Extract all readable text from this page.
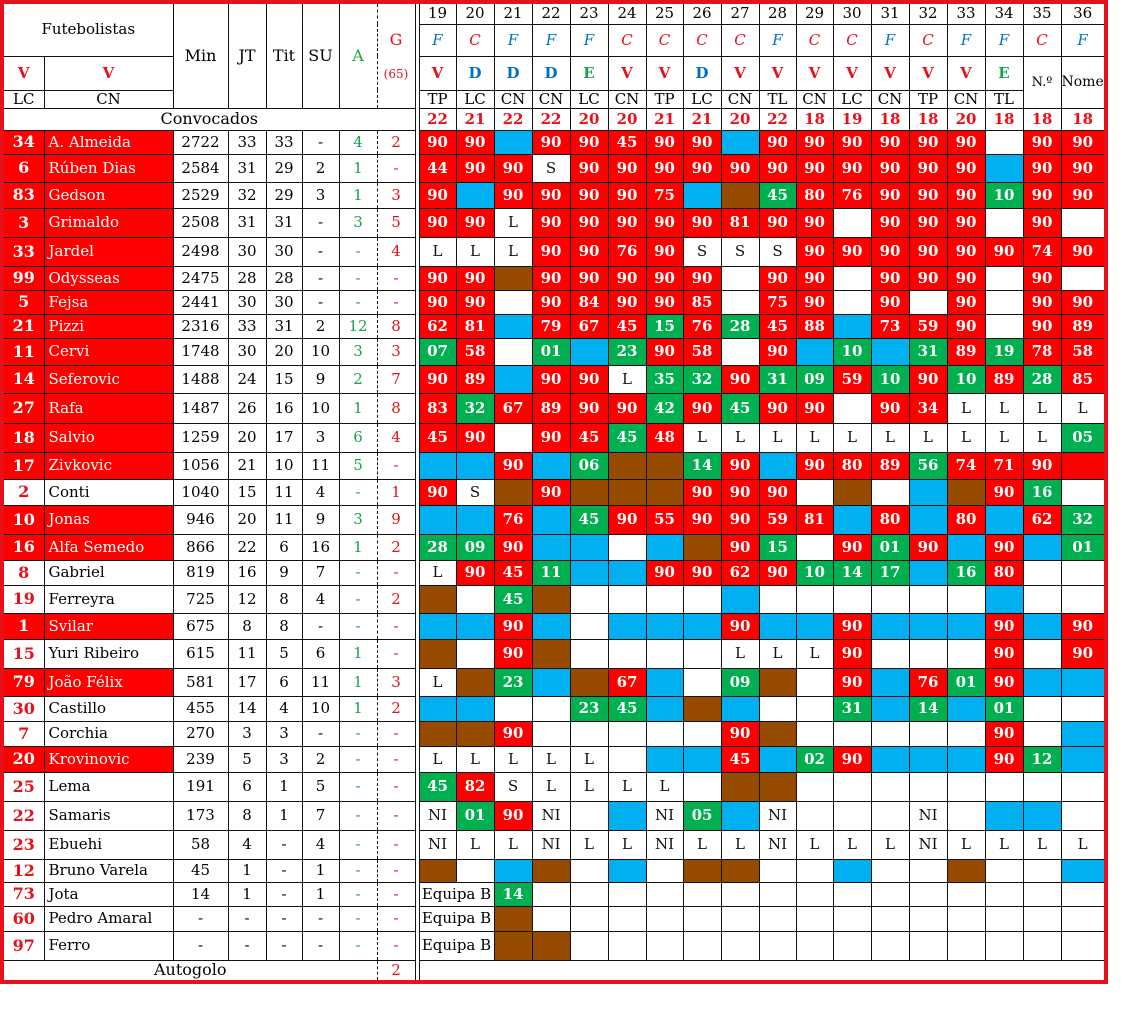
Futebolistas		Min	JT	Tit	SU	A	G
(65)		19	20	21	22	23	24	25	26	27	28	29	30	31	32	33	34	35	36
									F	C	F	F	F	C	C	C	C	F	C	C	F	C	F	F	C	F
V	V								V	D	D	D	E	V	V	D	V	V	V	V	V	V	V	E	N.º	Nome
LC	CN								TP	LC	CN	CN	LC	CN	TP	LC	CN	TL	CN	LC	CN	TP	CN	TL		
Convocados									22	21	22	22	20	20	21	21	20	22	18	19	18	18	20	18	18	18
34	A. Almeida	2722	33	33	-	4	2		90	90		90	90	45	90	90		90	90	90	90	90	90		90	90
6	Rúben Dias	2584	31	29	2	1	-		44	90	90	S	90	90	90	90	90	90	90	90	90	90	90		90	90
83	Gedson	2529	32	29	3	1	3		90		90	90	90	90	75			45	80	76	90	90	90	10	90	90
3	Grimaldo	2508	31	31	-	3	5		90	90	L	90	90	90	90	90	81	90	90		90	90	90		90	
33	Jardel	2498	30	30	-	-	4		L	L	L	90	90	76	90	S	S	S	90	90	90	90	90	90	74	90
99	Odysseas	2475	28	28	-	-	-		90	90		90	90	90	90	90		90	90		90	90	90		90	
5	Fejsa	2441	30	30	-	-	-		90	90		90	84	90	90	85		75	90		90		90		90	90
21	Pizzi	2316	33	31	2	12	8		62	81		79	67	45	15	76	28	45	88		73	59	90		90	89
11	Cervi	1748	30	20	10	3	3		07	58		01		23	90	58		90		10		31	89	19	78	58
14	Seferovic	1488	24	15	9	2	7		90	89		90	90	L	35	32	90	31	09	59	10	90	10	89	28	85
27	Rafa	1487	26	16	10	1	8		83	32	67	89	90	90	42	90	45	90	90		90	34	L	L	L	L
18	Salvio	1259	20	17	3	6	4		45	90		90	45	45	48	L	L	L	L	L	L	L	L	L	L	05
17	Zivkovic	1056	21	10	11	5	-				90		06			14	90		90	80	89	56	74	71	90	
2	Conti	1040	15	11	4	-	1		90	S		90				90	90	90						90	16	
10	Jonas	946	20	11	9	3	9				76		45	90	55	90	90	59	81		80		80		62	32
16	Alfa Semedo	866	22	6	16	1	2		28	09	90						90	15		90	01	90		90		01
8	Gabriel	819	16	9	7	-	-		L	90	45	11			90	90	62	90	10	14	17		16	80		
19	Ferreyra	725	12	8	4	-	2				45															
1	Svilar	675	8	8	-	-	-				90						90			90				90		90
15	Yuri Ribeiro	615	11	5	6	1	-				90						L	L	L	90				90		90
79	João Félix	581	17	6	11	1	3		L		23			67			09			90		76	01	90		
30	Castillo	455	14	4	10	1	2						23	45						31		14		01		
7	Corchia	270	3	3	-	-	-				90						90							90		
20	Krovinovic	239	5	3	2	-	-		L	L	L	L	L				45		02	90				90	12	
25	Lema	191	6	1	5	-	-		45	82	S	L	L	L	L											
22	Samaris	173	8	1	7	-	-		NI	01	90	NI			NI	05		NI				NI				
23	Ebuehi	58	4	-	4	-	-		NI	L	L	NI	L	L	NI	L	L	NI	L	L	L	NI	L	L	L	L
12	Bruno Varela	45	1	-	1	-	-																			
73	Jota	14	1	-	1	-	-		Equipa B		14															
60	Pedro Amaral	-	-	-	-	-	-		Equipa B																	
97	Ferro	-	-	-	-	-	-		Equipa B																	
Autogolo							2																			
